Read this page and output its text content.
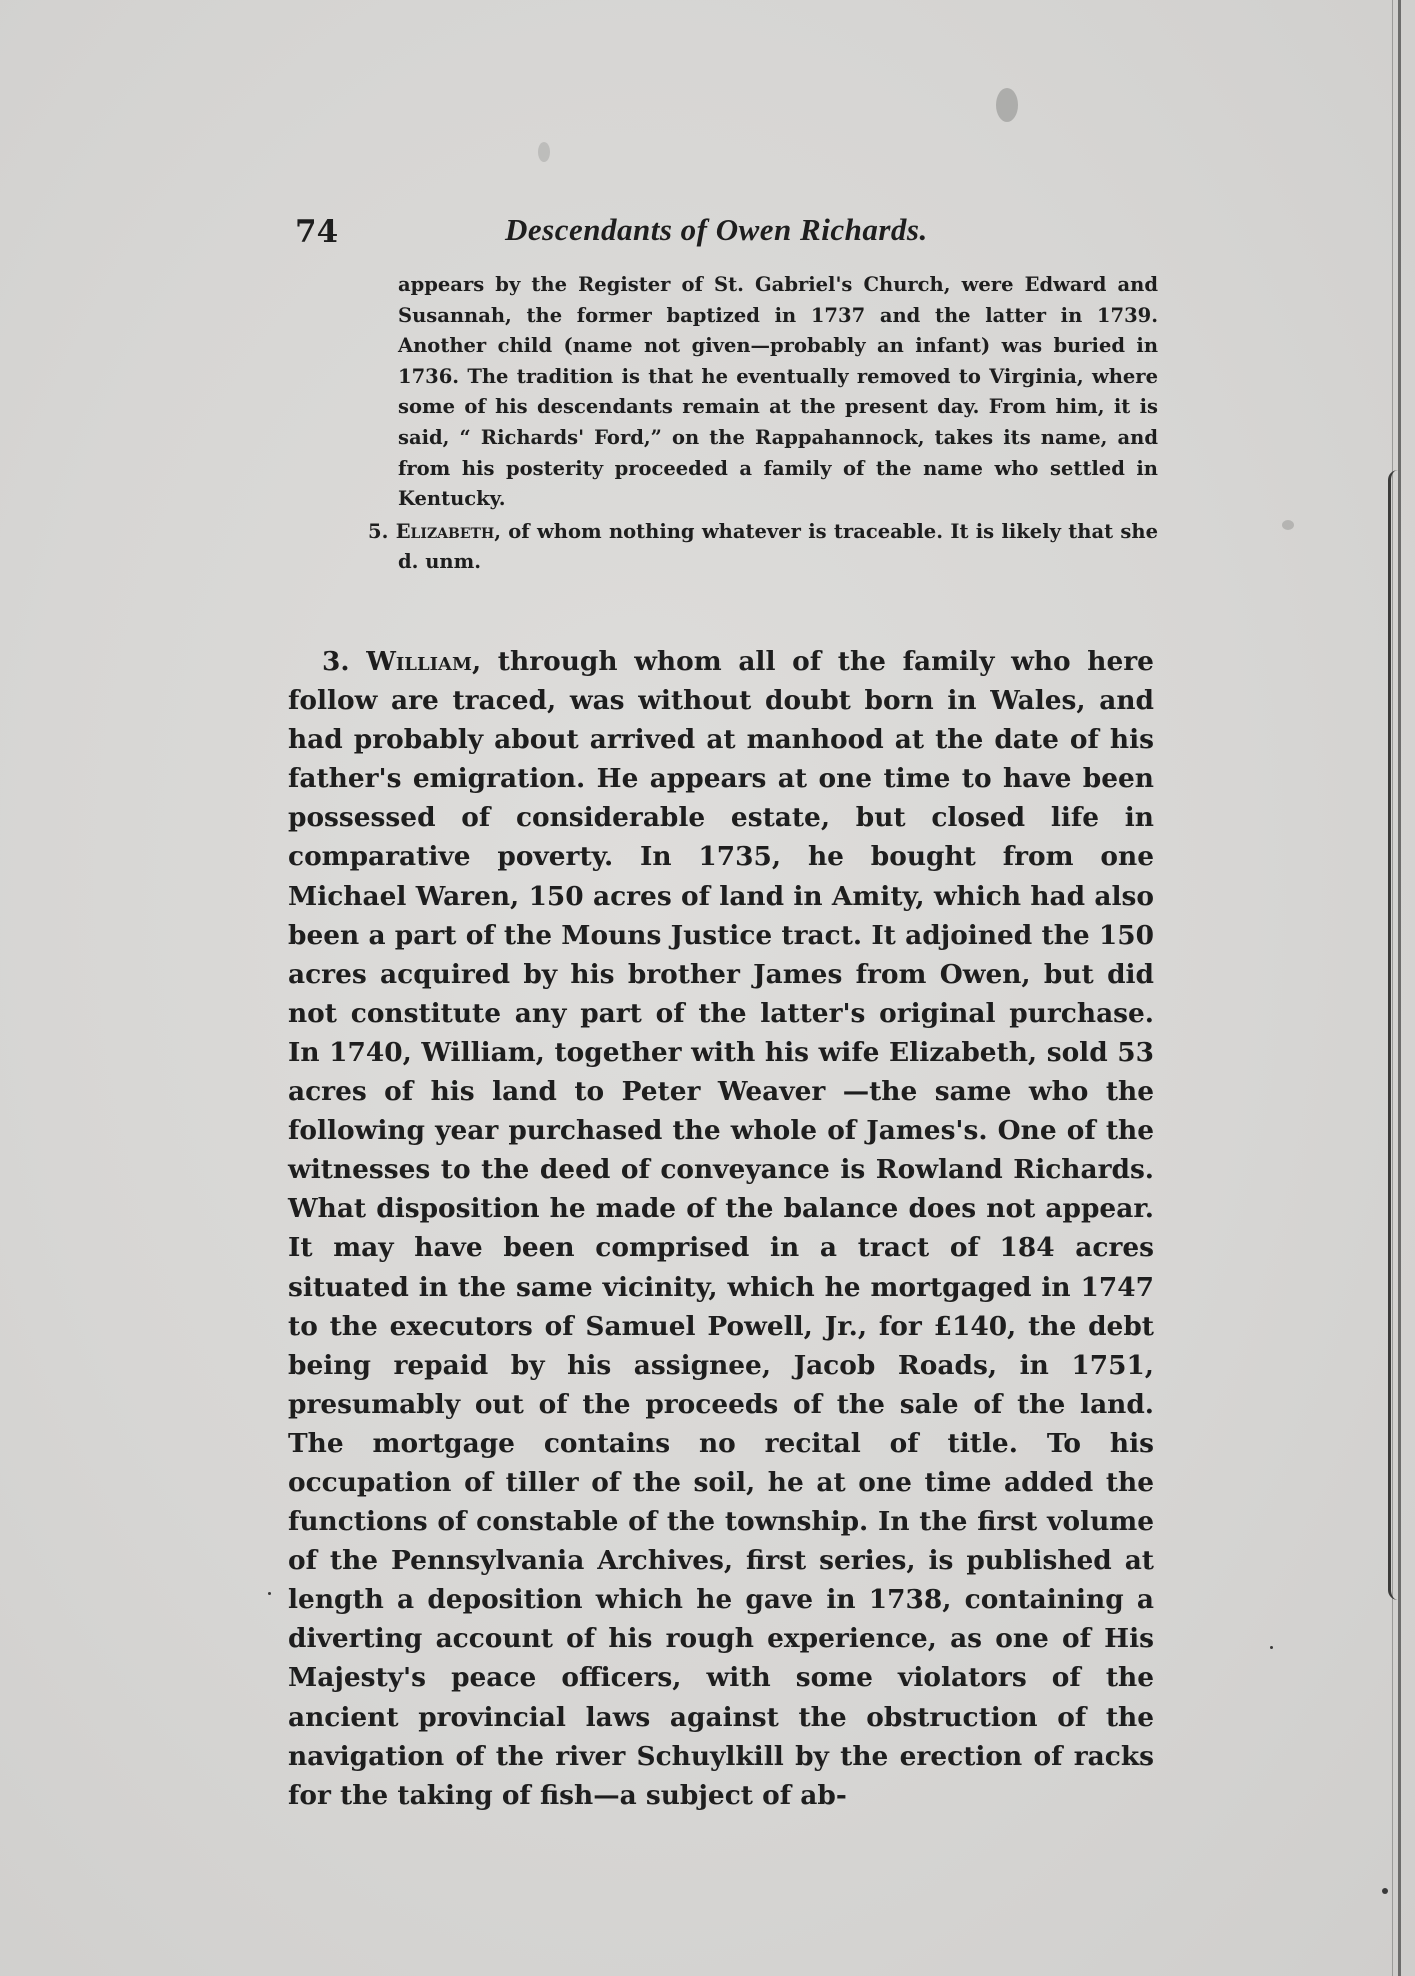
74	Descendants of Owen Richards.

appears by the Register of St. Gabriel's Church, were Edward and Susannah, the former baptized in 1737 and the latter in 1739. Another child (name not given—probably an infant) was buried in 1736. The tradition is that he eventually removed to Virginia, where some of his descendants remain at the present day. From him, it is said, “ Richards' Ford,” on the Rappahannock, takes its name, and from his posterity proceeded a family of the name who settled in Kentucky.

5. Elizabeth, of whom nothing whatever is traceable. It is likely that she d. unm.

3. William, through whom all of the family who here follow are traced, was without doubt born in Wales, and had probably about arrived at manhood at the date of his father's emigration. He appears at one time to have been possessed of considerable estate, but closed life in comparative poverty. In 1735, he bought from one Michael Waren, 150 acres of land in Amity, which had also been a part of the Mouns Justice tract. It adjoined the 150 acres acquired by his brother James from Owen, but did not constitute any part of the latter's original purchase. In 1740, William, together with his wife Elizabeth, sold 53 acres of his land to Peter Weaver —the same who the following year purchased the whole of James's. One of the witnesses to the deed of conveyance is Rowland Richards. What disposition he made of the balance does not appear. It may have been comprised in a tract of 184 acres situated in the same vicinity, which he mortgaged in 1747 to the executors of Samuel Powell, Jr., for £140, the debt being repaid by his assignee, Jacob Roads, in 1751, presumably out of the proceeds of the sale of the land. The mortgage contains no recital of title. To his occupation of tiller of the soil, he at one time added the functions of constable of the township. In the first volume of the Pennsylvania Archives, first series, is published at length a deposition which he gave in 1738, containing a diverting account of his rough experience, as one of His Majesty's peace officers, with some violators of the ancient provincial laws against the obstruction of the navigation of the river Schuylkill by the erection of racks for the taking of fish—a subject of ab-
